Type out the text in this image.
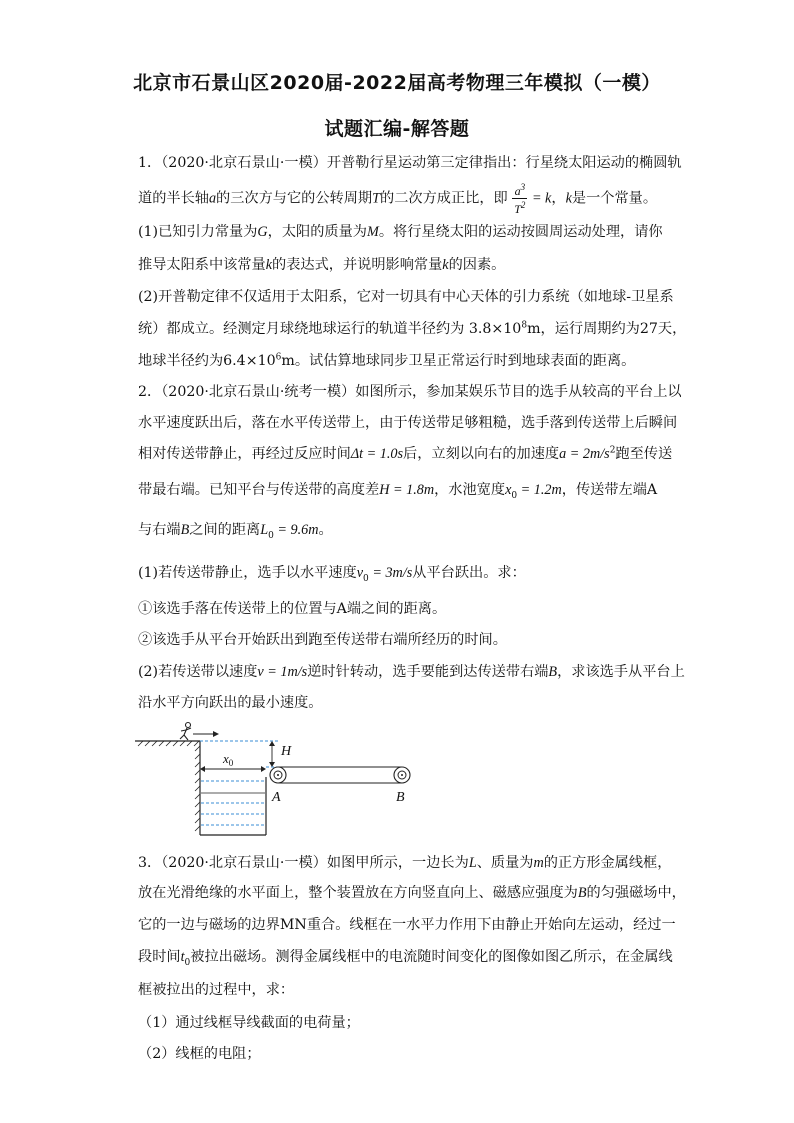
北京市石景山区2020届-2022届高考物理三年模拟（一模）
试题汇编-解答题
1．（2020·北京石景山·一模）开普勒行星运动第三定律指出：行星绕太阳运动的椭圆轨
道的半长轴a的三次方与它的公转周期T的二次方成正比，即 $\frac{a^3}{T^2} = k$，k是一个常量。
(1)已知引力常量为G，太阳的质量为M。将行星绕太阳的运动按圆周运动处理，请你
推导太阳系中该常量k的表达式，并说明影响常量k的因素。
(2)开普勒定律不仅适用于太阳系，它对一切具有中心天体的引力系统（如地球-卫星系
统）都成立。经测定月球绕地球运行的轨道半径约为 $3.8\times 10^8m$，运行周期约为27天，
地球半径约为$6.4\times 10^6m$。试估算地球同步卫星正常运行时到地球表面的距离。
2．（2020·北京石景山·统考一模）如图所示，参加某娱乐节目的选手从较高的平台上以
水平速度跃出后，落在水平传送带上，由于传送带足够粗糙，选手落到传送带上后瞬间
相对传送带静止，再经过反应时间Δt = 1.0s后，立刻以向右的加速度$a = 2m/s^2$跑至传送
带最右端。已知平台与传送带的高度差H = 1.8m，水池宽度$x_0 = 1.2m$，传送带左端A
与右端B之间的距离$L_0 = 9.6m$。
(1)若传送带静止，选手以水平速度$v_0 = 3m/s$从平台跃出。求：
①该选手落在传送带上的位置与A端之间的距离。
②该选手从平台开始跃出到跑至传送带右端所经历的时间。
(2)若传送带以速度v = 1m/s逆时针转动，选手要能到达传送带右端B，求该选手从平台上
沿水平方向跃出的最小速度。
H
$x_0$
A	B
3．（2020·北京石景山·一模）如图甲所示，一边长为L、质量为m的正方形金属线框，
放在光滑绝缘的水平面上，整个装置放在方向竖直向上、磁感应强度为B的匀强磁场中，
它的一边与磁场的边界MN重合。线框在一水平力作用下由静止开始向左运动，经过一
段时间$t_0$被拉出磁场。测得金属线框中的电流随时间变化的图像如图乙所示，在金属线
框被拉出的过程中，求：
（1）通过线框导线截面的电荷量；
（2）线框的电阻；
